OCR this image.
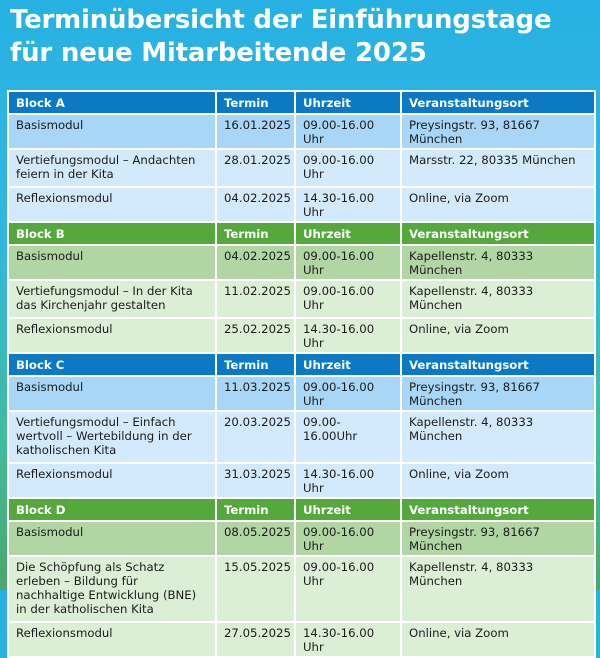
Terminübersicht der Einführungstage
für neue Mitarbeitende 2025
Block A	Termin	Uhrzeit	Veranstaltungsort
Basismodul	16.01.2025	09.00-16.00 Uhr	Preysingstr. 93, 81667 München
Vertiefungsmodul – Andachten feiern in der Kita	28.01.2025	09.00-16.00 Uhr	Marsstr. 22, 80335 München
Reflexionsmodul	04.02.2025	14.30-16.00 Uhr	Online, via Zoom
Block B	Termin	Uhrzeit	Veranstaltungsort
Basismodul	04.02.2025	09.00-16.00 Uhr	Kapellenstr. 4, 80333 München
Vertiefungsmodul – In der Kita das Kirchenjahr gestalten	11.02.2025	09.00-16.00 Uhr	Kapellenstr. 4, 80333 München
Reflexionsmodul	25.02.2025	14.30-16.00 Uhr	Online, via Zoom
Block C	Termin	Uhrzeit	Veranstaltungsort
Basismodul	11.03.2025	09.00-16.00 Uhr	Preysingstr. 93, 81667 München
Vertiefungsmodul – Einfach wertvoll – Wertebildung in der katholischen Kita	20.03.2025	09.00-16.00Uhr	Kapellenstr. 4, 80333 München
Reflexionsmodul	31.03.2025	14.30-16.00 Uhr	Online, via Zoom
Block D	Termin	Uhrzeit	Veranstaltungsort
Basismodul	08.05.2025	09.00-16.00 Uhr	Preysingstr. 93, 81667 München
Die Schöpfung als Schatz erleben – Bildung für nachhaltige Entwicklung (BNE) in der katholischen Kita	15.05.2025	09.00-16.00 Uhr	Kapellenstr. 4, 80333 München
Reflexionsmodul	27.05.2025	14.30-16.00 Uhr	Online, via Zoom
